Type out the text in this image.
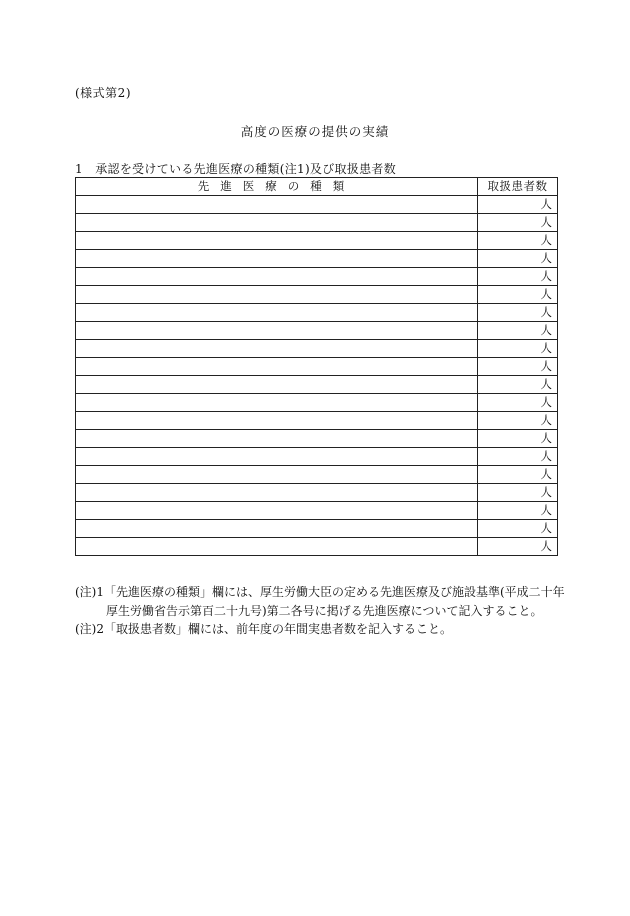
(様式第2)
高度の医療の提供の実績
1　承認を受けている先進医療の種類(注1)及び取扱患者数
先進医療の種類	取扱患者数
	人
	人
	人
	人
	人
	人
	人
	人
	人
	人
	人
	人
	人
	人
	人
	人
	人
	人
	人
	人

(注)1「先進医療の種類」欄には、厚生労働大臣の定める先進医療及び施設基準(平成二十年厚生労働省告示第百二十九号)第二各号に掲げる先進医療について記入すること。

(注)2「取扱患者数」欄には、前年度の年間実患者数を記入すること。
